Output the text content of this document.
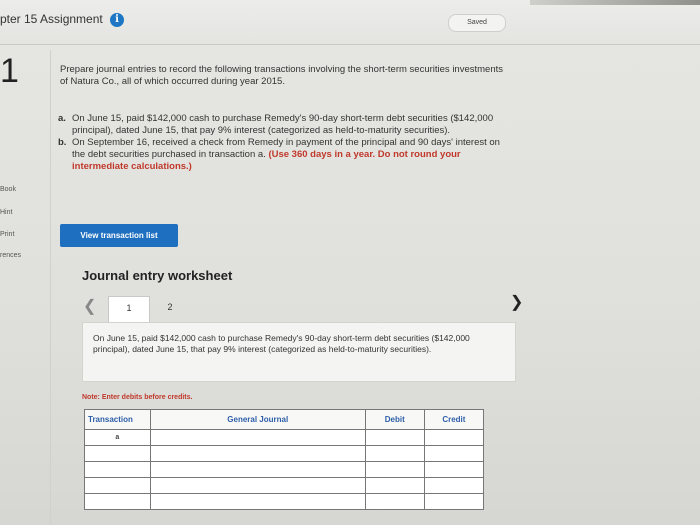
pter 15 Assignment i	Saved
1
Book
Hint
Print
rences
Prepare journal entries to record the following transactions involving the short-term securities investments of Natura Co., all of which occurred during year 2015.
a. On June 15, paid $142,000 cash to purchase Remedy's 90-day short-term debt securities ($142,000 principal), dated June 15, that pay 9% interest (categorized as held-to-maturity securities).
b. On September 16, received a check from Remedy in payment of the principal and 90 days' interest on the debt securities purchased in transaction a. (Use 360 days in a year. Do not round your intermediate calculations.)
View transaction list
Journal entry worksheet
❮	1	2	❯
On June 15, paid $142,000 cash to purchase Remedy's 90-day short-term debt securities ($142,000 principal), dated June 15, that pay 9% interest (categorized as held-to-maturity securities).
Note: Enter debits before credits.
Transaction	General Journal	Debit	Credit
a			
